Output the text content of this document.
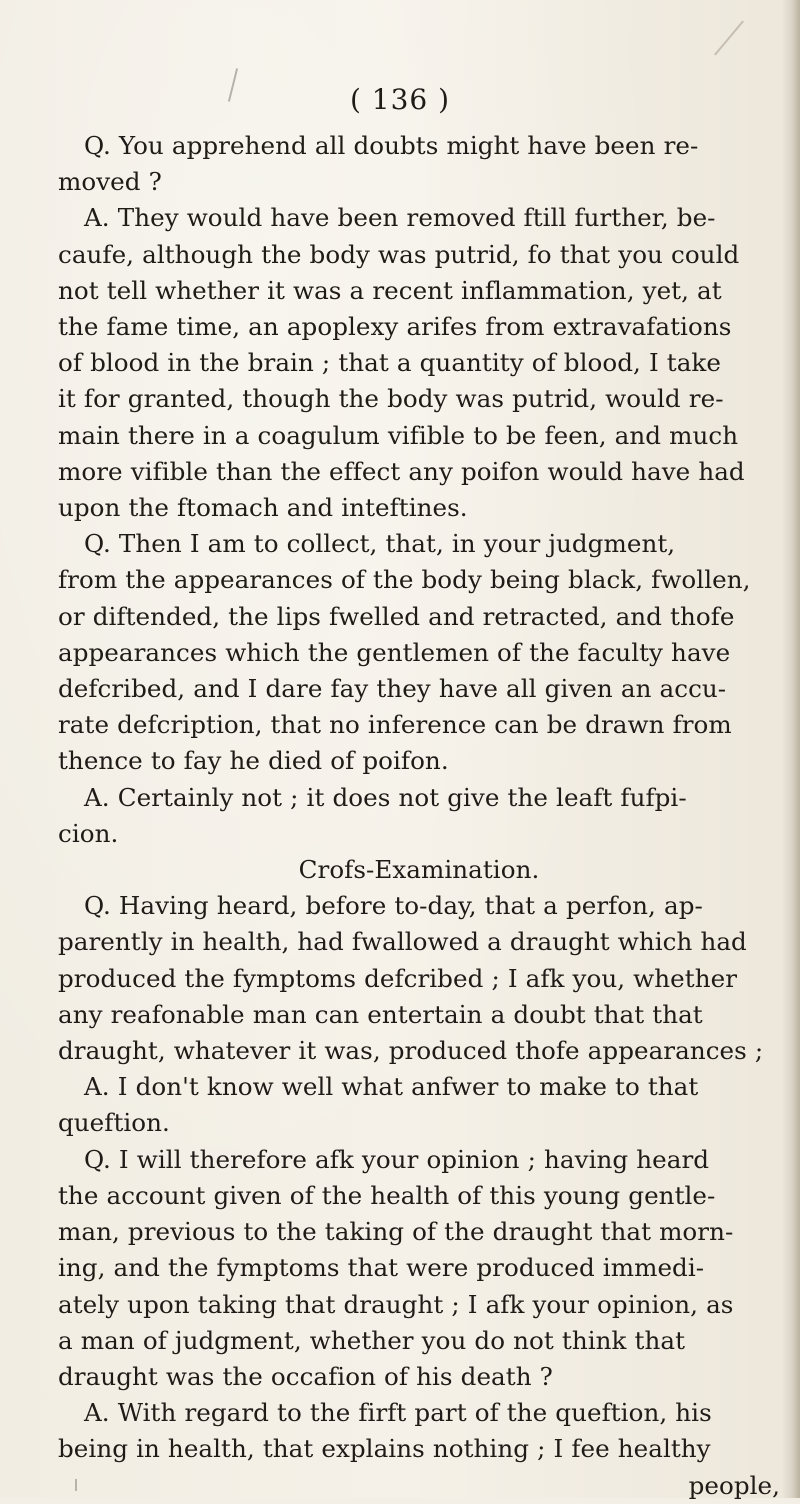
( 136 )
Q. You apprehend all doubts might have been re-
moved ?
A. They would have been removed ftill further, be-
caufe, although the body was putrid, fo that you could
not tell whether it was a recent inflammation, yet, at
the fame time, an apoplexy arifes from extravafations
of blood in the brain ; that a quantity of blood, I take
it for granted, though the body was putrid, would re-
main there in a coagulum vifible to be feen, and much
more vifible than the effect any poifon would have had
upon the ftomach and inteftines.
Q. Then I am to collect, that, in your judgment,
from the appearances of the body being black, fwollen,
or diftended, the lips fwelled and retracted, and thofe
appearances which the gentlemen of the faculty have
defcribed, and I dare fay they have all given an accu-
rate defcription, that no inference can be drawn from
thence to fay he died of poifon.
A. Certainly not ; it does not give the leaft fufpi-
cion.
Crofs-Examination.
Q. Having heard, before to-day, that a perfon, ap-
parently in health, had fwallowed a draught which had
produced the fymptoms defcribed ; I afk you, whether
any reafonable man can entertain a doubt that that
draught, whatever it was, produced thofe appearances ;
A. I don't know well what anfwer to make to that
queftion.
Q. I will therefore afk your opinion ; having heard
the account given of the health of this young gentle-
man, previous to the taking of the draught that morn-
ing, and the fymptoms that were produced immedi-
ately upon taking that draught ; I afk your opinion, as
a man of judgment, whether you do not think that
draught was the occafion of his death ?
A. With regard to the firft part of the queftion, his
being in health, that explains nothing ; I fee healthy
people,
